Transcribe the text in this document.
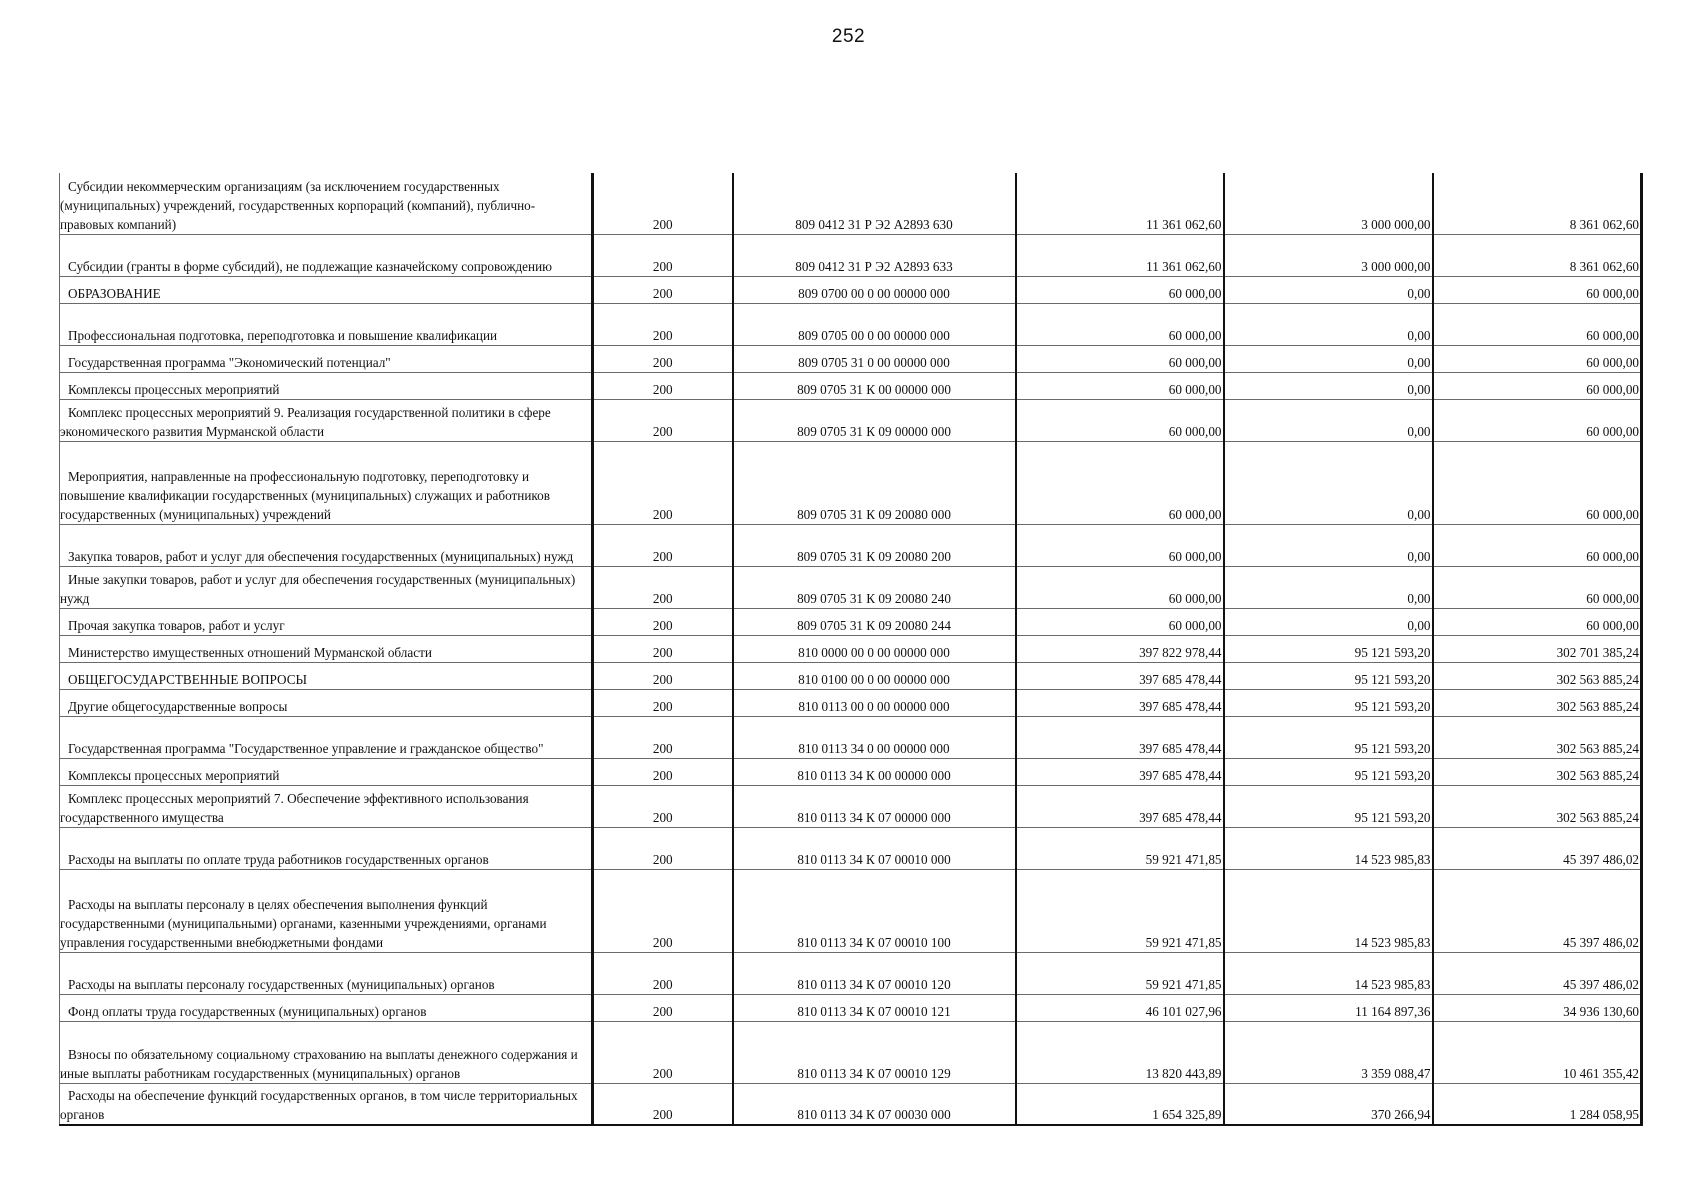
252
Субсидии некоммерческим организациям (за исключением государственных (муниципальных) учреждений, государственных корпораций (компаний), публично-правовых компаний)	200	809 0412 31 Р Э2 А2893 630	11 361 062,60	3 000 000,00	8 361 062,60

Субсидии (гранты в форме субсидий), не подлежащие казначейскому сопровождению	200	809 0412 31 Р Э2 А2893 633	11 361 062,60	3 000 000,00	8 361 062,60

ОБРАЗОВАНИЕ	200	809 0700 00 0 00 00000 000	60 000,00	0,00	60 000,00

Профессиональная подготовка, переподготовка и повышение квалификации	200	809 0705 00 0 00 00000 000	60 000,00	0,00	60 000,00

Государственная программа "Экономический потенциал"	200	809 0705 31 0 00 00000 000	60 000,00	0,00	60 000,00

Комплексы процессных мероприятий	200	809 0705 31 К 00 00000 000	60 000,00	0,00	60 000,00

Комплекс процессных мероприятий 9. Реализация государственной политики в сфере экономического развития Мурманской области	200	809 0705 31 К 09 00000 000	60 000,00	0,00	60 000,00

Мероприятия, направленные на профессиональную подготовку, переподготовку и повышение квалификации государственных (муниципальных) служащих и работников государственных (муниципальных) учреждений	200	809 0705 31 К 09 20080 000	60 000,00	0,00	60 000,00

Закупка товаров, работ и услуг для обеспечения государственных (муниципальных) нужд	200	809 0705 31 К 09 20080 200	60 000,00	0,00	60 000,00

Иные закупки товаров, работ и услуг для обеспечения государственных (муниципальных) нужд	200	809 0705 31 К 09 20080 240	60 000,00	0,00	60 000,00

Прочая закупка товаров, работ и услуг	200	809 0705 31 К 09 20080 244	60 000,00	0,00	60 000,00

Министерство имущественных отношений Мурманской области	200	810 0000 00 0 00 00000 000	397 822 978,44	95 121 593,20	302 701 385,24

ОБЩЕГОСУДАРСТВЕННЫЕ ВОПРОСЫ	200	810 0100 00 0 00 00000 000	397 685 478,44	95 121 593,20	302 563 885,24

Другие общегосударственные вопросы	200	810 0113 00 0 00 00000 000	397 685 478,44	95 121 593,20	302 563 885,24

Государственная программа "Государственное управление и гражданское общество"	200	810 0113 34 0 00 00000 000	397 685 478,44	95 121 593,20	302 563 885,24

Комплексы процессных мероприятий	200	810 0113 34 К 00 00000 000	397 685 478,44	95 121 593,20	302 563 885,24

Комплекс процессных мероприятий 7. Обеспечение эффективного использования государственного имущества	200	810 0113 34 К 07 00000 000	397 685 478,44	95 121 593,20	302 563 885,24

Расходы на выплаты по оплате труда работников государственных органов	200	810 0113 34 К 07 00010 000	59 921 471,85	14 523 985,83	45 397 486,02

Расходы на выплаты персоналу в целях обеспечения выполнения функций государственными (муниципальными) органами, казенными учреждениями, органами управления государственными внебюджетными фондами	200	810 0113 34 К 07 00010 100	59 921 471,85	14 523 985,83	45 397 486,02

Расходы на выплаты персоналу государственных (муниципальных) органов	200	810 0113 34 К 07 00010 120	59 921 471,85	14 523 985,83	45 397 486,02

Фонд оплаты труда государственных (муниципальных) органов	200	810 0113 34 К 07 00010 121	46 101 027,96	11 164 897,36	34 936 130,60

Взносы по обязательному социальному страхованию на выплаты денежного содержания и иные выплаты работникам государственных (муниципальных) органов	200	810 0113 34 К 07 00010 129	13 820 443,89	3 359 088,47	10 461 355,42

Расходы на обеспечение функций государственных органов, в том числе территориальных органов	200	810 0113 34 К 07 00030 000	1 654 325,89	370 266,94	1 284 058,95
